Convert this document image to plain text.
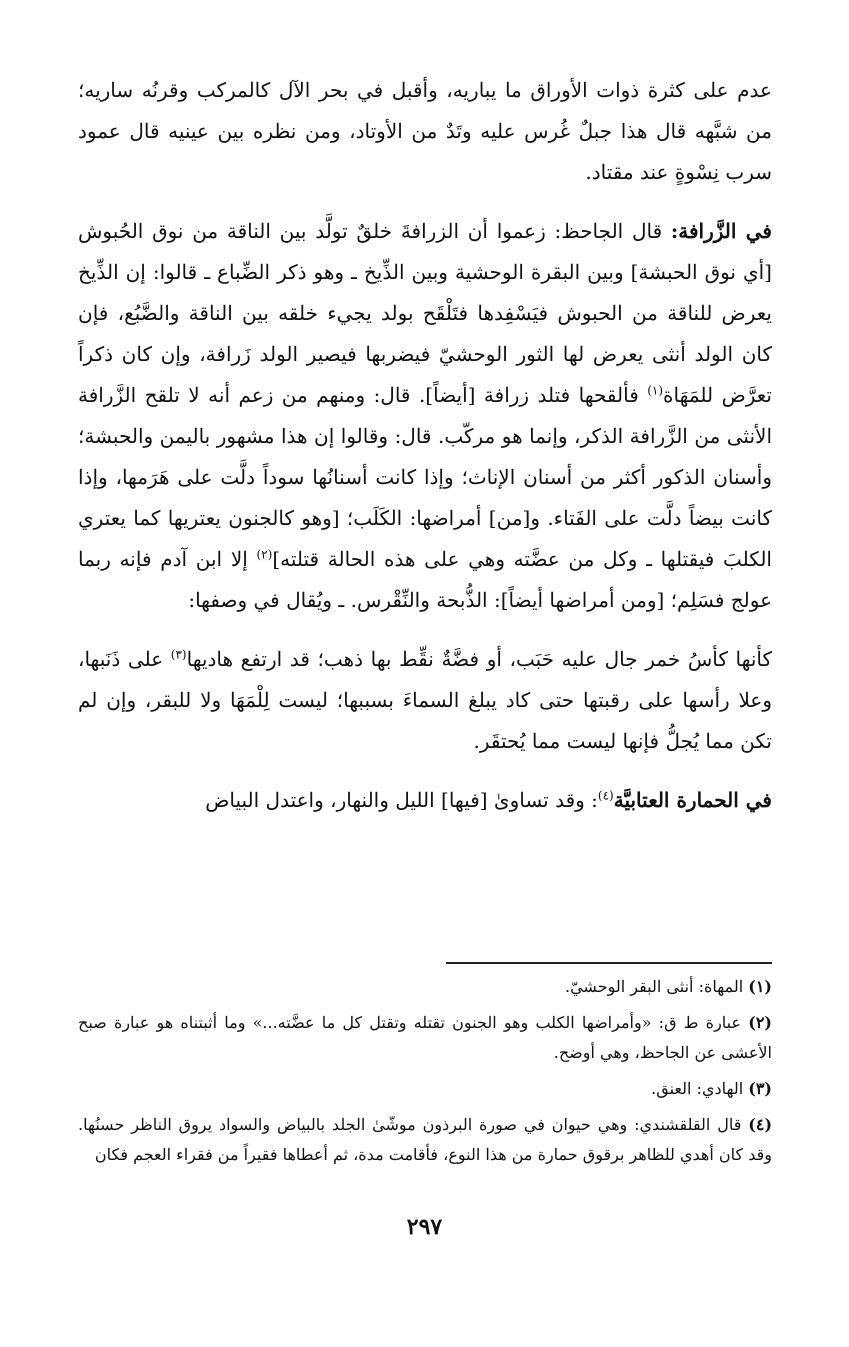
عدم على كثرة ذوات الأوراق ما يباريه، وأقبل في بحر الآل كالمركب وقرنُه ساريه؛ من شبَّهه قال هذا جبلٌ غُرس عليه وتَدٌ من الأوتاد، ومن نظره بين عينيه قال عمود سرب نِسْوةٍ عند مقتاد.

في الزَّرافة: قال الجاحظ: زعموا أن الزرافةَ خلقٌ تولَّد بين الناقة من نوق الحُبوش [أي نوق الحبشة] وبين البقرة الوحشية وبين الذِّيخ ـ وهو ذكر الضِّباع ـ قالوا: إن الذِّيخ يعرض للناقة من الحبوش فيَسْفِدها فتَلْقَح بولد يجيء خلقه بين الناقة والضَّبُع، فإن كان الولد أنثى يعرض لها الثور الوحشيّ فيضربها فيصير الولد زَرافة، وإن كان ذكراً تعرَّض للمَهَاة$^{(١)}$ فألقحها فتلد زرافة [أيضاً]. قال: ومنهم من زعم أنه لا تلقح الزَّرافة الأنثى من الزَّرافة الذكر، وإنما هو مركّب. قال: وقالوا إن هذا مشهور باليمن والحبشة؛ وأسنان الذكور أكثر من أسنان الإناث؛ وإذا كانت أسنانُها سوداً دلَّت على هَرَمها، وإذا كانت بيضاً دلَّت على الفَتاء. و[من] أمراضها: الكَلَب؛ [وهو كالجنون يعتريها كما يعتري الكلبَ فيقتلها ـ وكل من عضَّته وهي على هذه الحالة قتلته]$^{(٢)}$ إلا ابن آدم فإنه ربما عولج فسَلِم؛ [ومن أمراضها أيضاً]: الذُّبحة والنِّقْرس. ـ ويُقال في وصفها:

كأنها كأسُ خمر جال عليه حَبَب، أو فضَّةٌ نقِّط بها ذهب؛ قد ارتفع هاديها$^{(٣)}$ على ذَنَبها، وعلا رأسها على رقبتها حتى كاد يبلغ السماءَ بسببها؛ ليست لِلْمَهَا ولا للبقر، وإن لم تكن مما يُجلُّ فإنها ليست مما يُحتقَر.

في الحمارة العتابيَّة$^{(٤)}$: وقد تساوىٰ [فيها] الليل والنهار، واعتدل البياض

(١) المهاة: أنثى البقر الوحشيّ.

(٢) عبارة ط ق: «وأمراضها الكلب وهو الجنون تقتله وتقتل كل ما عضَّته...» وما أثبتناه هو عبارة صبح الأعشى عن الجاحظ، وهي أوضح.

(٣) الهادي: العنق.

(٤) قال القلقشندي: وهي حيوان في صورة البرذون موشّىٰ الجلد بالبياض والسواد يروق الناظر حسنُها. وقد كان أهدي للظاهر برقوق حمارة من هذا النوع، فأقامت مدة، ثم أعطاها فقيراً من فقراء العجم فكان

٢٩٧
